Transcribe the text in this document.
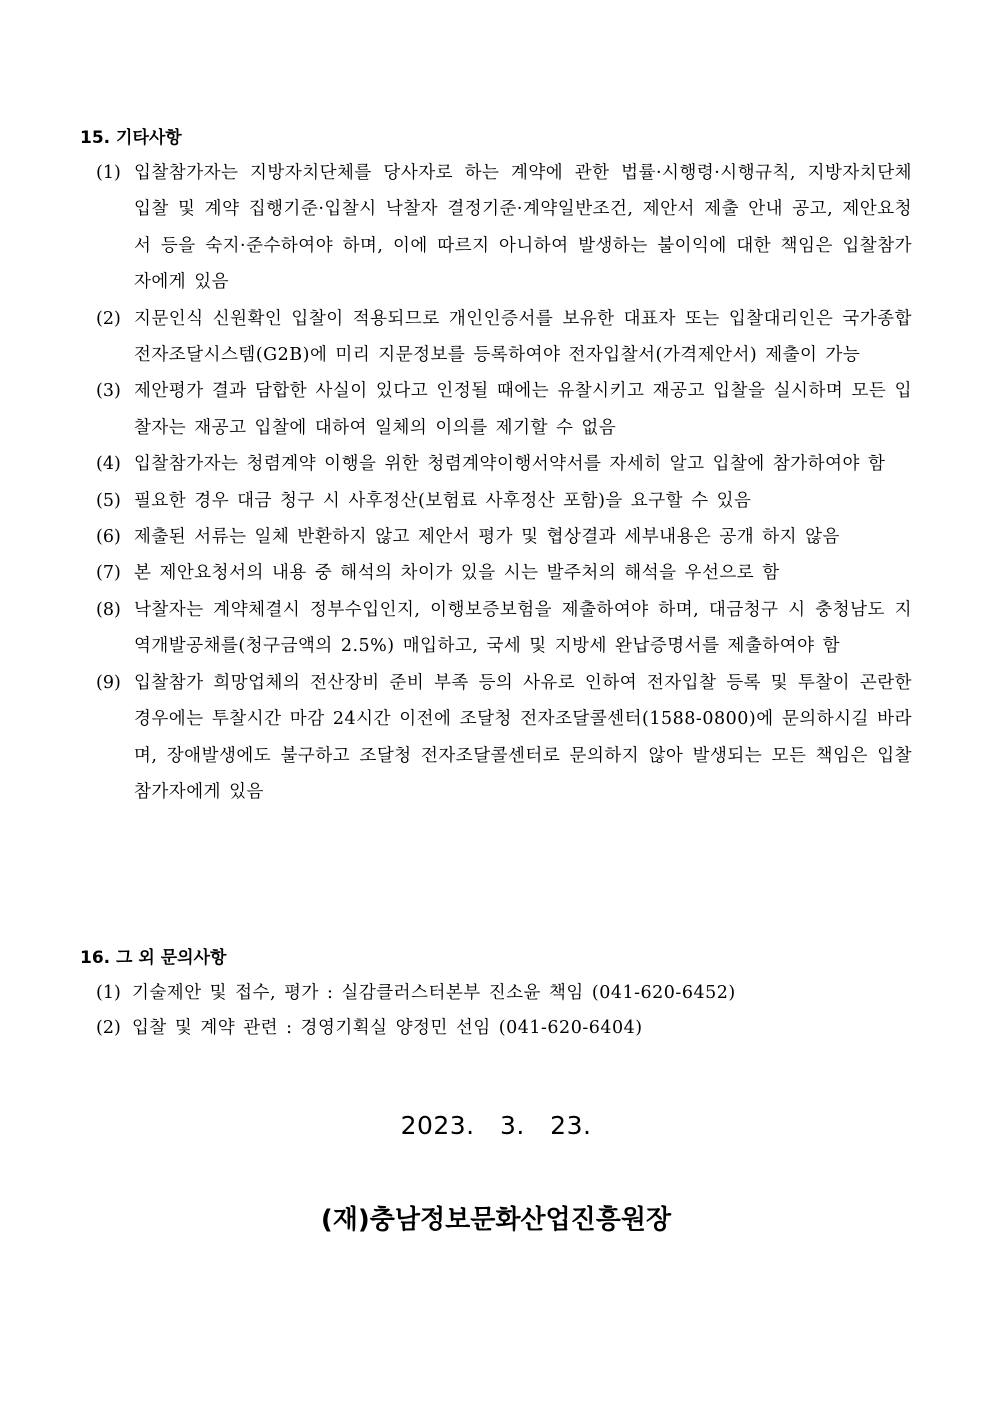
15. 기타사항
(1) 입찰참가자는 지방자치단체를 당사자로 하는 계약에 관한 법률·시행령·시행규칙, 지방자치단체 입찰 및 계약 집행기준·입찰시 낙찰자 결정기준·계약일반조건, 제안서 제출 안내 공고, 제안요청서 등을 숙지·준수하여야 하며, 이에 따르지 아니하여 발생하는 불이익에 대한 책임은 입찰참가자에게 있음
(2) 지문인식 신원확인 입찰이 적용되므로 개인인증서를 보유한 대표자 또는 입찰대리인은 국가종합전자조달시스템(G2B)에 미리 지문정보를 등록하여야 전자입찰서(가격제안서) 제출이 가능
(3) 제안평가 결과 담합한 사실이 있다고 인정될 때에는 유찰시키고 재공고 입찰을 실시하며 모든 입찰자는 재공고 입찰에 대하여 일체의 이의를 제기할 수 없음
(4) 입찰참가자는 청렴계약 이행을 위한 청렴계약이행서약서를 자세히 알고 입찰에 참가하여야 함
(5) 필요한 경우 대금 청구 시 사후정산(보험료 사후정산 포함)을 요구할 수 있음
(6) 제출된 서류는 일체 반환하지 않고 제안서 평가 및 협상결과 세부내용은 공개 하지 않음
(7) 본 제안요청서의 내용 중 해석의 차이가 있을 시는 발주처의 해석을 우선으로 함
(8) 낙찰자는 계약체결시 정부수입인지, 이행보증보험을 제출하여야 하며, 대금청구 시 충청남도 지역개발공채를(청구금액의 2.5%) 매입하고, 국세 및 지방세 완납증명서를 제출하여야 함
(9) 입찰참가 희망업체의 전산장비 준비 부족 등의 사유로 인하여 전자입찰 등록 및 투찰이 곤란한 경우에는 투찰시간 마감 24시간 이전에 조달청 전자조달콜센터(1588-0800)에 문의하시길 바라며, 장애발생에도 불구하고 조달청 전자조달콜센터로 문의하지 않아 발생되는 모든 책임은 입찰참가자에게 있음
16. 그 외 문의사항
(1) 기술제안 및 접수, 평가 : 실감클러스터본부 진소윤 책임 (041-620-6452)
(2) 입찰 및 계약 관련 : 경영기획실 양정민 선임 (041-620-6404)
2023.   3.   23.
(재)충남정보문화산업진흥원장
